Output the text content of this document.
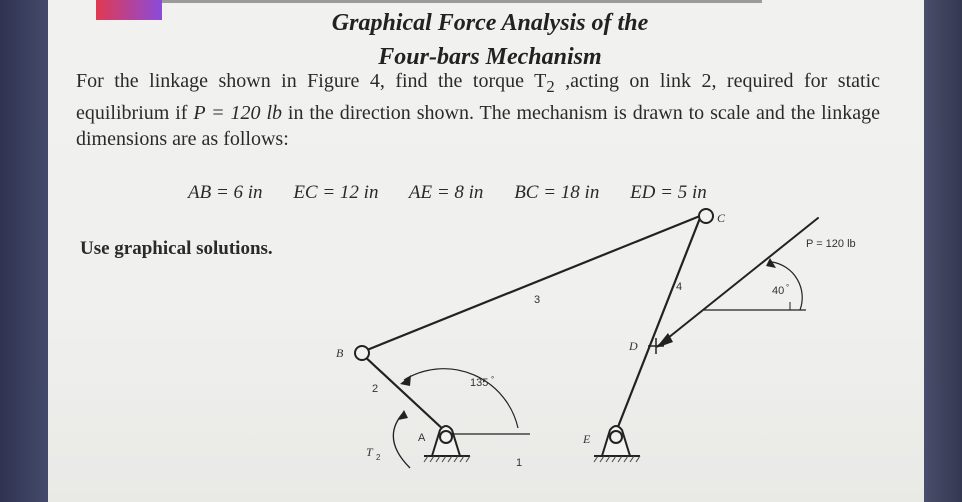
Graphical Force Analysis of the
Four-bars Mechanism
For the linkage shown in Figure 4, find the torque $T_2$ ,acting on link 2, required for static equilibrium if P = 120 lb in the direction shown. The mechanism is drawn to scale and the linkage dimensions are as follows:
AB = 6 in EC = 12 in AE = 8 in BC = 18 in ED = 5 in
Use graphical solutions.
B
C
D
E
A
T 2
2
3
4
1
135 °
40 °
P = 120 lb
